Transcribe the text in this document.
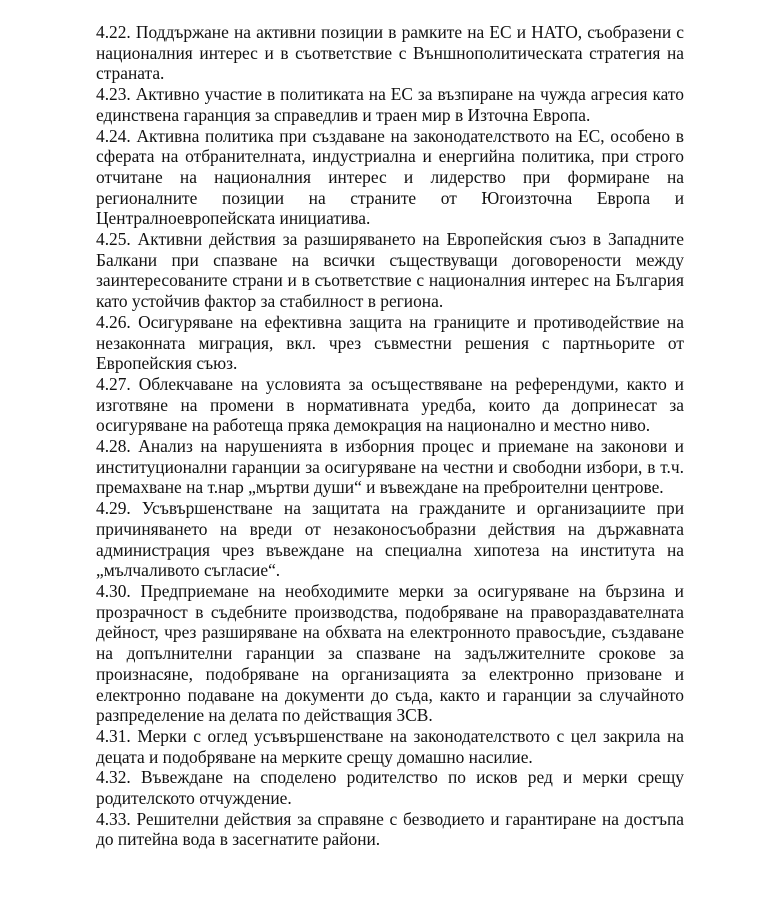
4.22. Поддържане на активни позиции в рамките на ЕС и НАТО, съобразени с националния интерес и в съответствие с Външнополитическата стратегия на страната.

4.23. Активно участие в политиката на ЕС за възпиране на чужда агресия като единствена гаранция за справедлив и траен мир в Източна Европа.

4.24. Активна политика при създаване на законодателството на ЕС, особено в сферата на отбранителната, индустриална и енергийна политика, при строго отчитане на националния интерес и лидерство при формиране на регионалните позиции на страните от Югоизточна Европа и Централноевропейската инициатива.

4.25. Активни действия за разширяването на Европейския съюз в Западните Балкани при спазване на всички съществуващи договорености между заинтересованите страни и в съответствие с националния интерес на България като устойчив фактор за стабилност в региона.

4.26. Осигуряване на ефективна защита на границите и противодействие на незаконната миграция, вкл. чрез съвместни решения с партньорите от Европейския съюз.

4.27. Облекчаване на условията за осъществяване на референдуми, както и изготвяне на промени в нормативната уредба, които да допринесат за осигуряване на работеща пряка демокрация на национално и местно ниво.

4.28. Анализ на нарушенията в изборния процес и приемане на законови и институционални гаранции за осигуряване на честни и свободни избори, в т.ч. премахване на т.нар „мъртви души“ и въвеждане на преброителни центрове.

4.29. Усъвършенстване на защитата на гражданите и организациите при причиняването на вреди от незаконосъобразни действия на държавната администрация чрез въвеждане на специална хипотеза на института на „мълчаливото съгласие“.

4.30. Предприемане на необходимите мерки за осигуряване на бързина и прозрачност в съдебните производства, подобряване на правораздавателната дейност, чрез разширяване на обхвата на електронното правосъдие, създаване на допълнителни гаранции за спазване на задължителните срокове за произнасяне, подобряване на организацията за електронно призоване и електронно подаване на документи до съда, както и гаранции за случайното разпределение на делата по действащия ЗСВ.

4.31. Мерки с оглед усъвършенстване на законодателството с цел закрила на децата и подобряване на мерките срещу домашно насилие.

4.32. Въвеждане на споделено родителство по исков ред и мерки срещу родителското отчуждение.

4.33. Решителни действия за справяне с безводието и гарантиране на достъпа до питейна вода в засегнатите райони.
